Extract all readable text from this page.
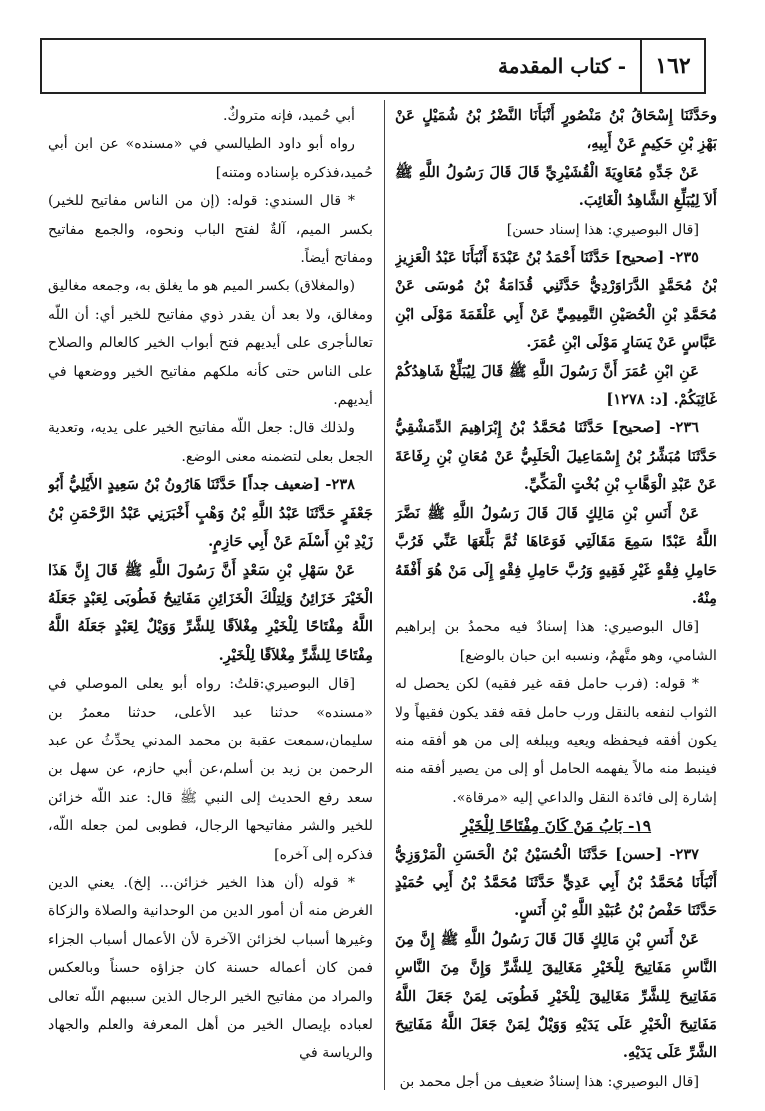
١٦٢
- كتاب المقدمة

وحَدَّثَنَا إِسْحَاقُ بْنُ مَنْصُورٍ أَنْبَأَنَا النَّضْرُ بْنُ شُمَيْلٍ عَنْ بَهْزِ بْنِ حَكِيمٍ عَنْ أَبِيهِ،

عَنْ جَدِّهِ مُعَاوِيَةَ الْقُشَيْرِيِّ قَالَ قَالَ رَسُولُ اللَّهِ ﷺ أَلاَ لِيُبَلِّغِ الشَّاهِدُ الْغَائِبَ.

[قال البوصيري: هذا إسناد حسن]

٢٣٥- [صحيح] حَدَّثَنَا أَحْمَدُ بْنُ عَبْدَةَ أَنْبَأَنَا عَبْدُ الْعَزِيزِ بْنُ مُحَمَّدٍ الدَّرَاوَرْدِيُّ حَدَّثَنِي قُدَامَةُ بْنُ مُوسَى عَنْ مُحَمَّدِ بْنِ الْحُصَيْنِ التَّمِيمِيِّ عَنْ أَبِي عَلْقَمَةَ مَوْلَى ابْنِ عَبَّاسٍ عَنْ يَسَارٍ مَوْلَى ابْنِ عُمَرَ.

عَنِ ابْنِ عُمَرَ أَنَّ رَسُولَ اللَّهِ ﷺ قَالَ لِيُبَلِّغْ شَاهِدُكُمْ غَائِبَكُمْ. [د: ١٢٧٨]

٢٣٦- [صحيح] حَدَّثَنَا مُحَمَّدُ بْنُ إِبْرَاهِيمَ الدِّمَشْقِيُّ حَدَّثَنَا مُبَشِّرُ بْنُ إِسْمَاعِيلَ الْحَلَبِيُّ عَنْ مُعَانِ بْنِ رِفَاعَةَ عَنْ عَبْدِ الْوَهَّابِ بْنِ بُخْتٍ الْمَكِّيِّ.

عَنْ أَنَسِ بْنِ مَالِكٍ قَالَ قَالَ رَسُولُ اللَّهِ ﷺ نَضَّرَ اللَّهُ عَبْدًا سَمِعَ مَقَالَتِي فَوَعَاهَا ثُمَّ بَلَّغَهَا عَنِّي فَرُبَّ حَامِلِ فِقْهٍ غَيْرِ فَقِيهٍ وَرُبَّ حَامِلِ فِقْهٍ إِلَى مَنْ هُوَ أَفْقَهُ مِنْهُ.

[قال البوصيري: هذا إسنادٌ فيه محمدُ بن إبراهيم الشامي، وهو متَّهمٌ، ونسبه ابن حبان بالوضع]

* قوله: (فرب حامل فقه غير فقيه) لكن يحصل له الثواب لنفعه بالنقل ورب حامل فقه فقد يكون فقيهاً ولا يكون أفقه فيحفظه ويعيه ويبلغه إلى من هو أفقه منه فينبط منه مالاً يفهمه الحامل أو إلى من يصير أفقه منه إشارة إلى فائدة النقل والداعي إليه «مرقاة».

١٩- بَابُ مَنْ كَانَ مِفْتَاحًا لِلْخَيْرِ

٢٣٧- [حسن] حَدَّثَنَا الْحُسَيْنُ بْنُ الْحَسَنِ الْمَرْوَزِيُّ أَنْبَأَنَا مُحَمَّدُ بْنُ أَبِي عَدِيٍّ حَدَّثَنَا مُحَمَّدُ بْنُ أَبِي حُمَيْدٍ حَدَّثَنَا حَفْصُ بْنُ عُبَيْدِ اللَّهِ بْنِ أَنَسٍ.

عَنْ أَنَسِ بْنِ مَالِكٍ قَالَ قَالَ رَسُولُ اللَّهِ ﷺ إِنَّ مِنَ النَّاسِ مَفَاتِيحَ لِلْخَيْرِ مَغَالِيقَ لِلشَّرِّ وَإِنَّ مِنَ النَّاسِ مَفَاتِيحَ لِلشَّرِّ مَغَالِيقَ لِلْخَيْرِ فَطُوبَى لِمَنْ جَعَلَ اللَّهُ مَفَاتِيحَ الْخَيْرِ عَلَى يَدَيْهِ وَوَيْلٌ لِمَنْ جَعَلَ اللَّهُ مَفَاتِيحَ الشَّرِّ عَلَى يَدَيْهِ.

[قال البوصيري: هذا إسنادٌ ضعيف من أجل محمد بن

أبي حُميد، فإنه متروكٌ.

رواه أبو داود الطيالسي في «مسنده» عن ابن أبي حُميد،فذكره بإسناده ومتنه]

* قال السندي: قوله: (إن من الناس مفاتيح للخير) بكسر الميم، آلةٌ لفتح الباب ونحوه، والجمع مفاتيح ومفاتح أيضاً.

(والمغلاق) بكسر الميم هو ما يغلق به، وجمعه مغاليق ومغالق، ولا بعد أن يقدر ذوي مفاتيح للخير أي: أن اللّه تعالىأجرى على أيديهم فتح أبواب الخير كالعالم والصلاح على الناس حتى كأنه ملكهم مفاتيح الخير ووضعها في أيديهم.

ولذلك قال: جعل اللّه مفاتيح الخير على يديه، وتعدية الجعل بعلى لتضمنه معنى الوضع.

٢٣٨- [ضعيف جداً] حَدَّثَنَا هَارُونُ بْنُ سَعِيدٍ الأَيْلِيُّ أَبُو جَعْفَرٍ حَدَّثَنَا عَبْدُ اللَّهِ بْنُ وَهْبٍ أَخْبَرَنِي عَبْدُ الرَّحْمَنِ بْنُ زَيْدِ بْنِ أَسْلَمَ عَنْ أَبِي حَازِمٍ.

عَنْ سَهْلِ بْنِ سَعْدٍ أَنَّ رَسُولَ اللَّهِ ﷺ قَالَ إِنَّ هَذَا الْخَيْرَ خَزَائِنُ وَلِتِلْكَ الْخَزَائِنِ مَفَاتِيحُ فَطُوبَى لِعَبْدٍ جَعَلَهُ اللَّهُ مِفْتَاحًا لِلْخَيْرِ مِغْلاَقًا لِلشَّرِّ وَوَيْلٌ لِعَبْدٍ جَعَلَهُ اللَّهُ مِفْتَاحًا لِلشَّرِّ مِغْلاَقًا لِلْخَيْرِ.

[قال البوصيري:قلتُ: رواه أبو يعلى الموصلي في «مسنده» حدثنا عبد الأعلى، حدثنا معمرُ بن سليمان،سمعت عقبة بن محمد المدني يحدِّثُ عن عبد الرحمن بن زيد بن أسلم،عن أبي حازم، عن سهل بن سعد رفع الحديث إلى النبي ﷺ قال: عند اللّه خزائن للخير والشر مفاتيحها الرجال، فطوبى لمن جعله اللّه، فذكره إلى آخره]

* قوله (أن هذا الخير خزائن... إلخ). يعني الدين الغرض منه أن أمور الدين من الوحدانية والصلاة والزكاة وغيرها أسباب لخزائن الآخرة لأن الأعمال أسباب الجزاء فمن كان أعماله حسنة كان جزاؤه حسناً وبالعكس والمراد من مفاتيح الخير الرجال الذين سببهم اللّه تعالى لعباده بإيصال الخير من أهل المعرفة والعلم والجهاد والرياسة في
